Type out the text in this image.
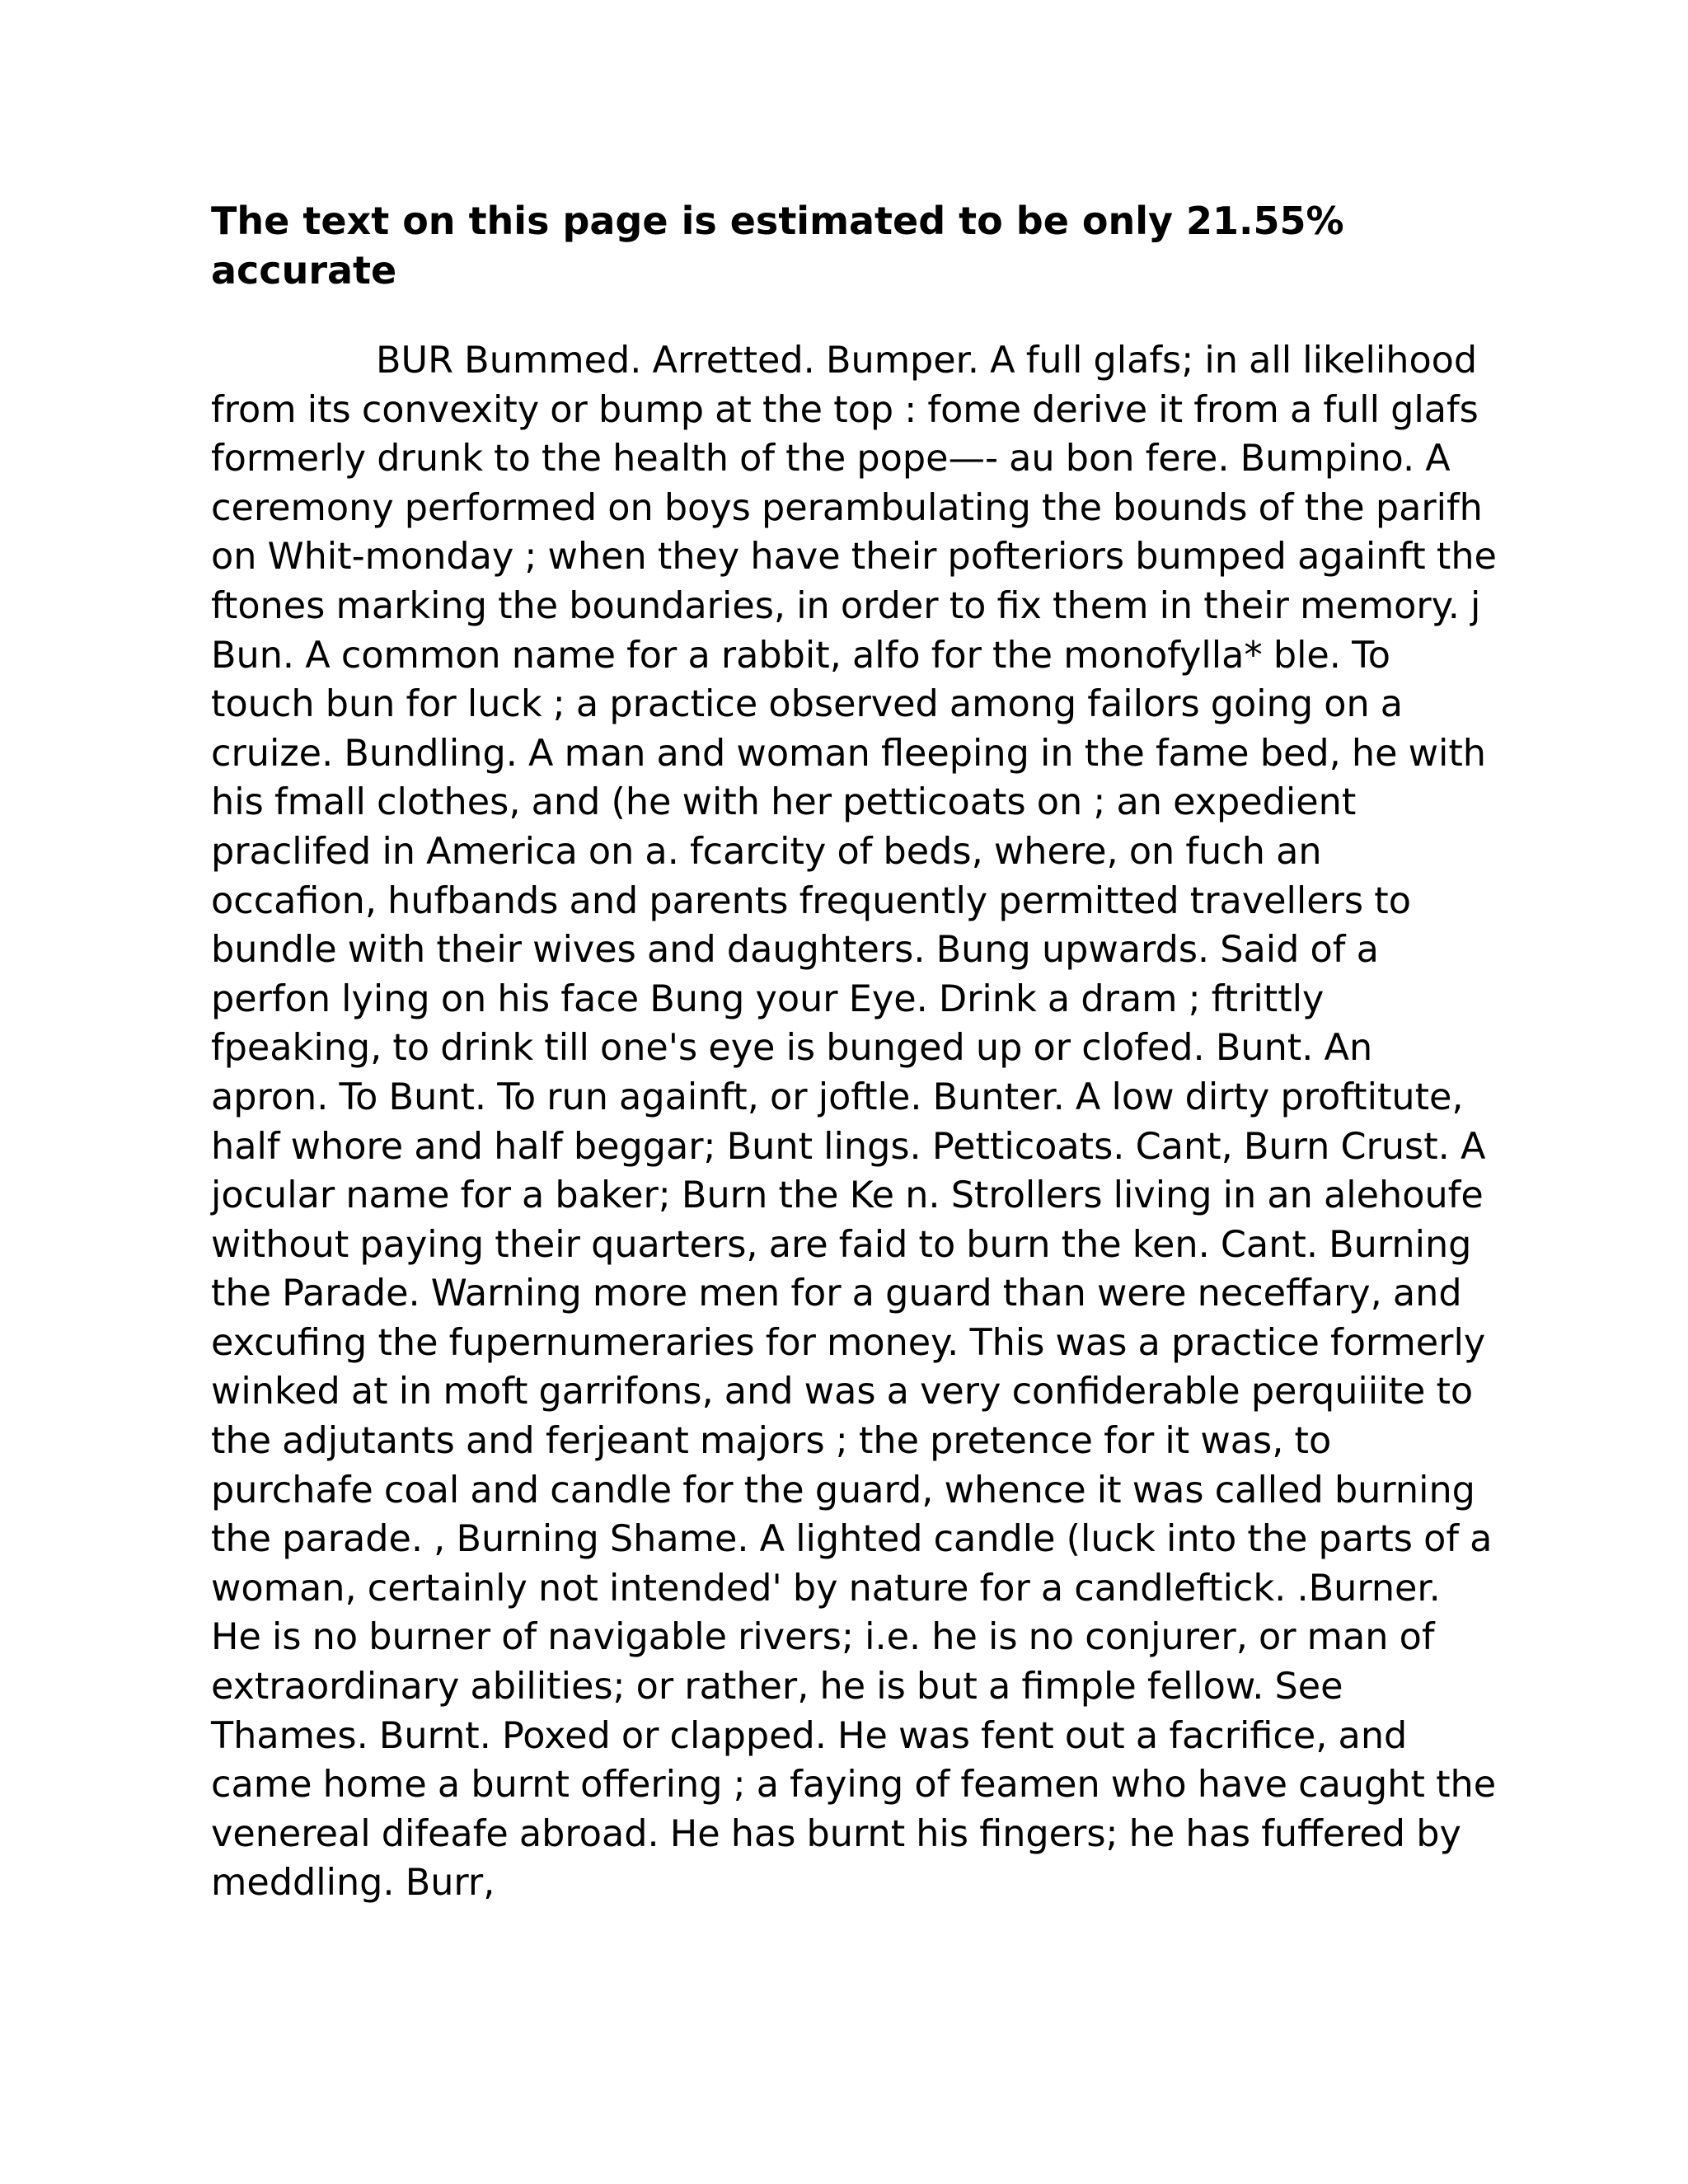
The text on this page is estimated to be only 21.55% accurate

BUR Bummed. Arretted. Bumper. A full glafs; in all likelihood from its convexity or bump at the top : fome derive it from a full glafs formerly drunk to the health of the pope—- au bon fere. Bumpino. A ceremony performed on boys perambulating the bounds of the parifh on Whit-monday ; when they have their pofteriors bumped againft the ftones marking the boundaries, in order to fix them in their memory. j Bun. A common name for a rabbit, alfo for the monofylla* ble. To touch bun for luck ; a practice observed among failors going on a cruize. Bundling. A man and woman fleeping in the fame bed, he with his fmall clothes, and (he with her petticoats on ; an expedient praclifed in America on a. fcarcity of beds, where, on fuch an occafion, hufbands and parents frequently permitted travellers to bundle with their wives and daughters. Bung upwards. Said of a perfon lying on his face Bung your Eye. Drink a dram ; ftrittly fpeaking, to drink till one's eye is bunged up or clofed. Bunt. An apron. To Bunt. To run againft, or joftle. Bunter. A low dirty proftitute, half whore and half beggar; Bunt lings. Petticoats. Cant, Burn Crust. A jocular name for a baker; Burn the Ke n. Strollers living in an alehoufe without paying their quarters, are faid to burn the ken. Cant. Burning the Parade. Warning more men for a guard than were neceffary, and excufing the fupernumeraries for money. This was a practice formerly winked at in moft garrifons, and was a very confiderable perquiiite to the adjutants and ferjeant majors ; the pretence for it was, to purchafe coal and candle for the guard, whence it was called burning the parade. , Burning Shame. A lighted candle (luck into the parts of a woman, certainly not intended' by nature for a candleftick. .Burner. He is no burner of navigable rivers; i.e. he is no conjurer, or man of extraordinary abilities; or rather, he is but a fimple fellow. See Thames. Burnt. Poxed or clapped. He was fent out a facrifice, and came home a burnt offering ; a faying of feamen who have caught the venereal difeafe abroad. He has burnt his fingers; he has fuffered by meddling. Burr,
